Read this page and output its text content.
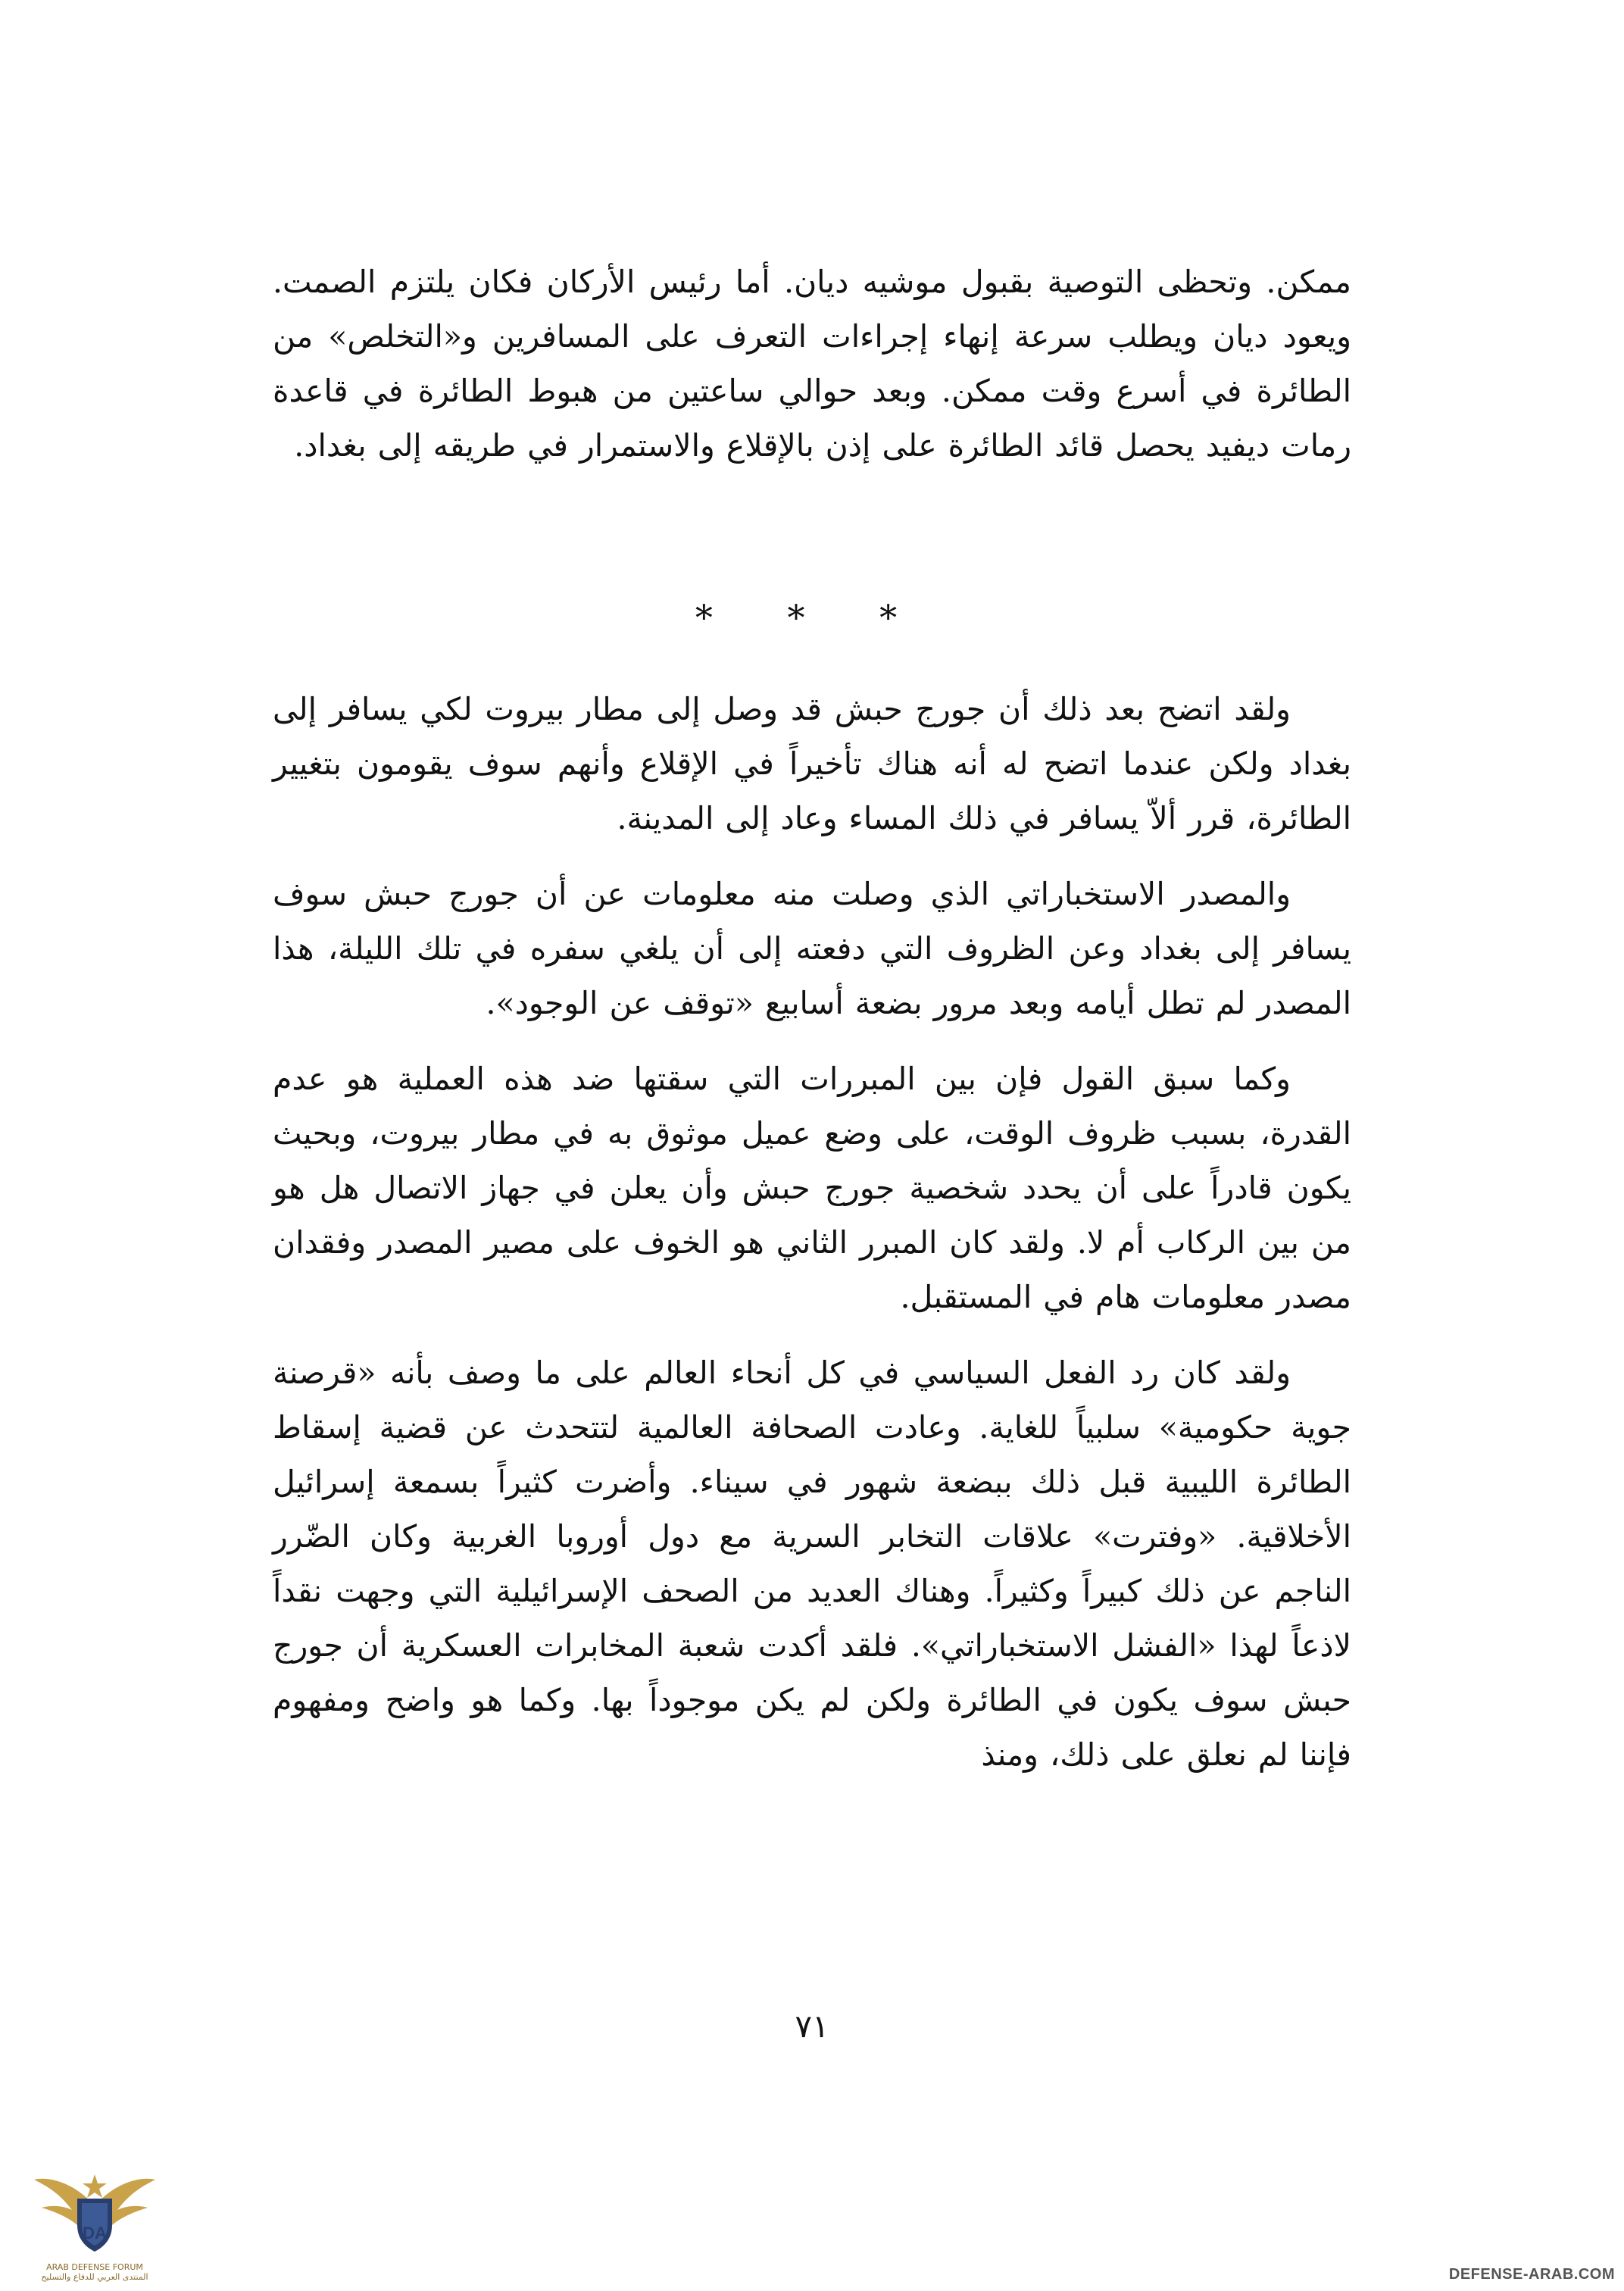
ممكن. وتحظى التوصية بقبول موشيه ديان. أما رئيس الأركان فكان يلتزم الصمت. ويعود ديان ويطلب سرعة إنهاء إجراءات التعرف على المسافرين و«التخلص» من الطائرة في أسرع وقت ممكن. وبعد حوالي ساعتين من هبوط الطائرة في قاعدة رمات ديفيد يحصل قائد الطائرة على إذن بالإقلاع والاستمرار في طريقه إلى بغداد.

* * *

ولقد اتضح بعد ذلك أن جورج حبش قد وصل إلى مطار بيروت لكي يسافر إلى بغداد ولكن عندما اتضح له أنه هناك تأخيراً في الإقلاع وأنهم سوف يقومون بتغيير الطائرة، قرر ألاّ يسافر في ذلك المساء وعاد إلى المدينة.

والمصدر الاستخباراتي الذي وصلت منه معلومات عن أن جورج حبش سوف يسافر إلى بغداد وعن الظروف التي دفعته إلى أن يلغي سفره في تلك الليلة، هذا المصدر لم تطل أيامه وبعد مرور بضعة أسابيع «توقف عن الوجود».

وكما سبق القول فإن بين المبررات التي سقتها ضد هذه العملية هو عدم القدرة، بسبب ظروف الوقت، على وضع عميل موثوق به في مطار بيروت، وبحيث يكون قادراً على أن يحدد شخصية جورج حبش وأن يعلن في جهاز الاتصال هل هو من بين الركاب أم لا. ولقد كان المبرر الثاني هو الخوف على مصير المصدر وفقدان مصدر معلومات هام في المستقبل.

ولقد كان رد الفعل السياسي في كل أنحاء العالم على ما وصف بأنه «قرصنة جوية حكومية» سلبياً للغاية. وعادت الصحافة العالمية لتتحدث عن قضية إسقاط الطائرة الليبية قبل ذلك ببضعة شهور في سيناء. وأضرت كثيراً بسمعة إسرائيل الأخلاقية. «وفترت» علاقات التخابر السرية مع دول أوروبا الغربية وكان الضّرر الناجم عن ذلك كبيراً وكثيراً. وهناك العديد من الصحف الإسرائيلية التي وجهت نقداً لاذعاً لهذا «الفشل الاستخباراتي». فلقد أكدت شعبة المخابرات العسكرية أن جورج حبش سوف يكون في الطائرة ولكن لم يكن موجوداً بها. وكما هو واضح ومفهوم فإننا لم نعلق على ذلك، ومنذ

٧١
DA
ARAB DEFENSE FORUM
المنتدى العربي للدفاع والتسليح	DEFENSE-ARAB.COM
